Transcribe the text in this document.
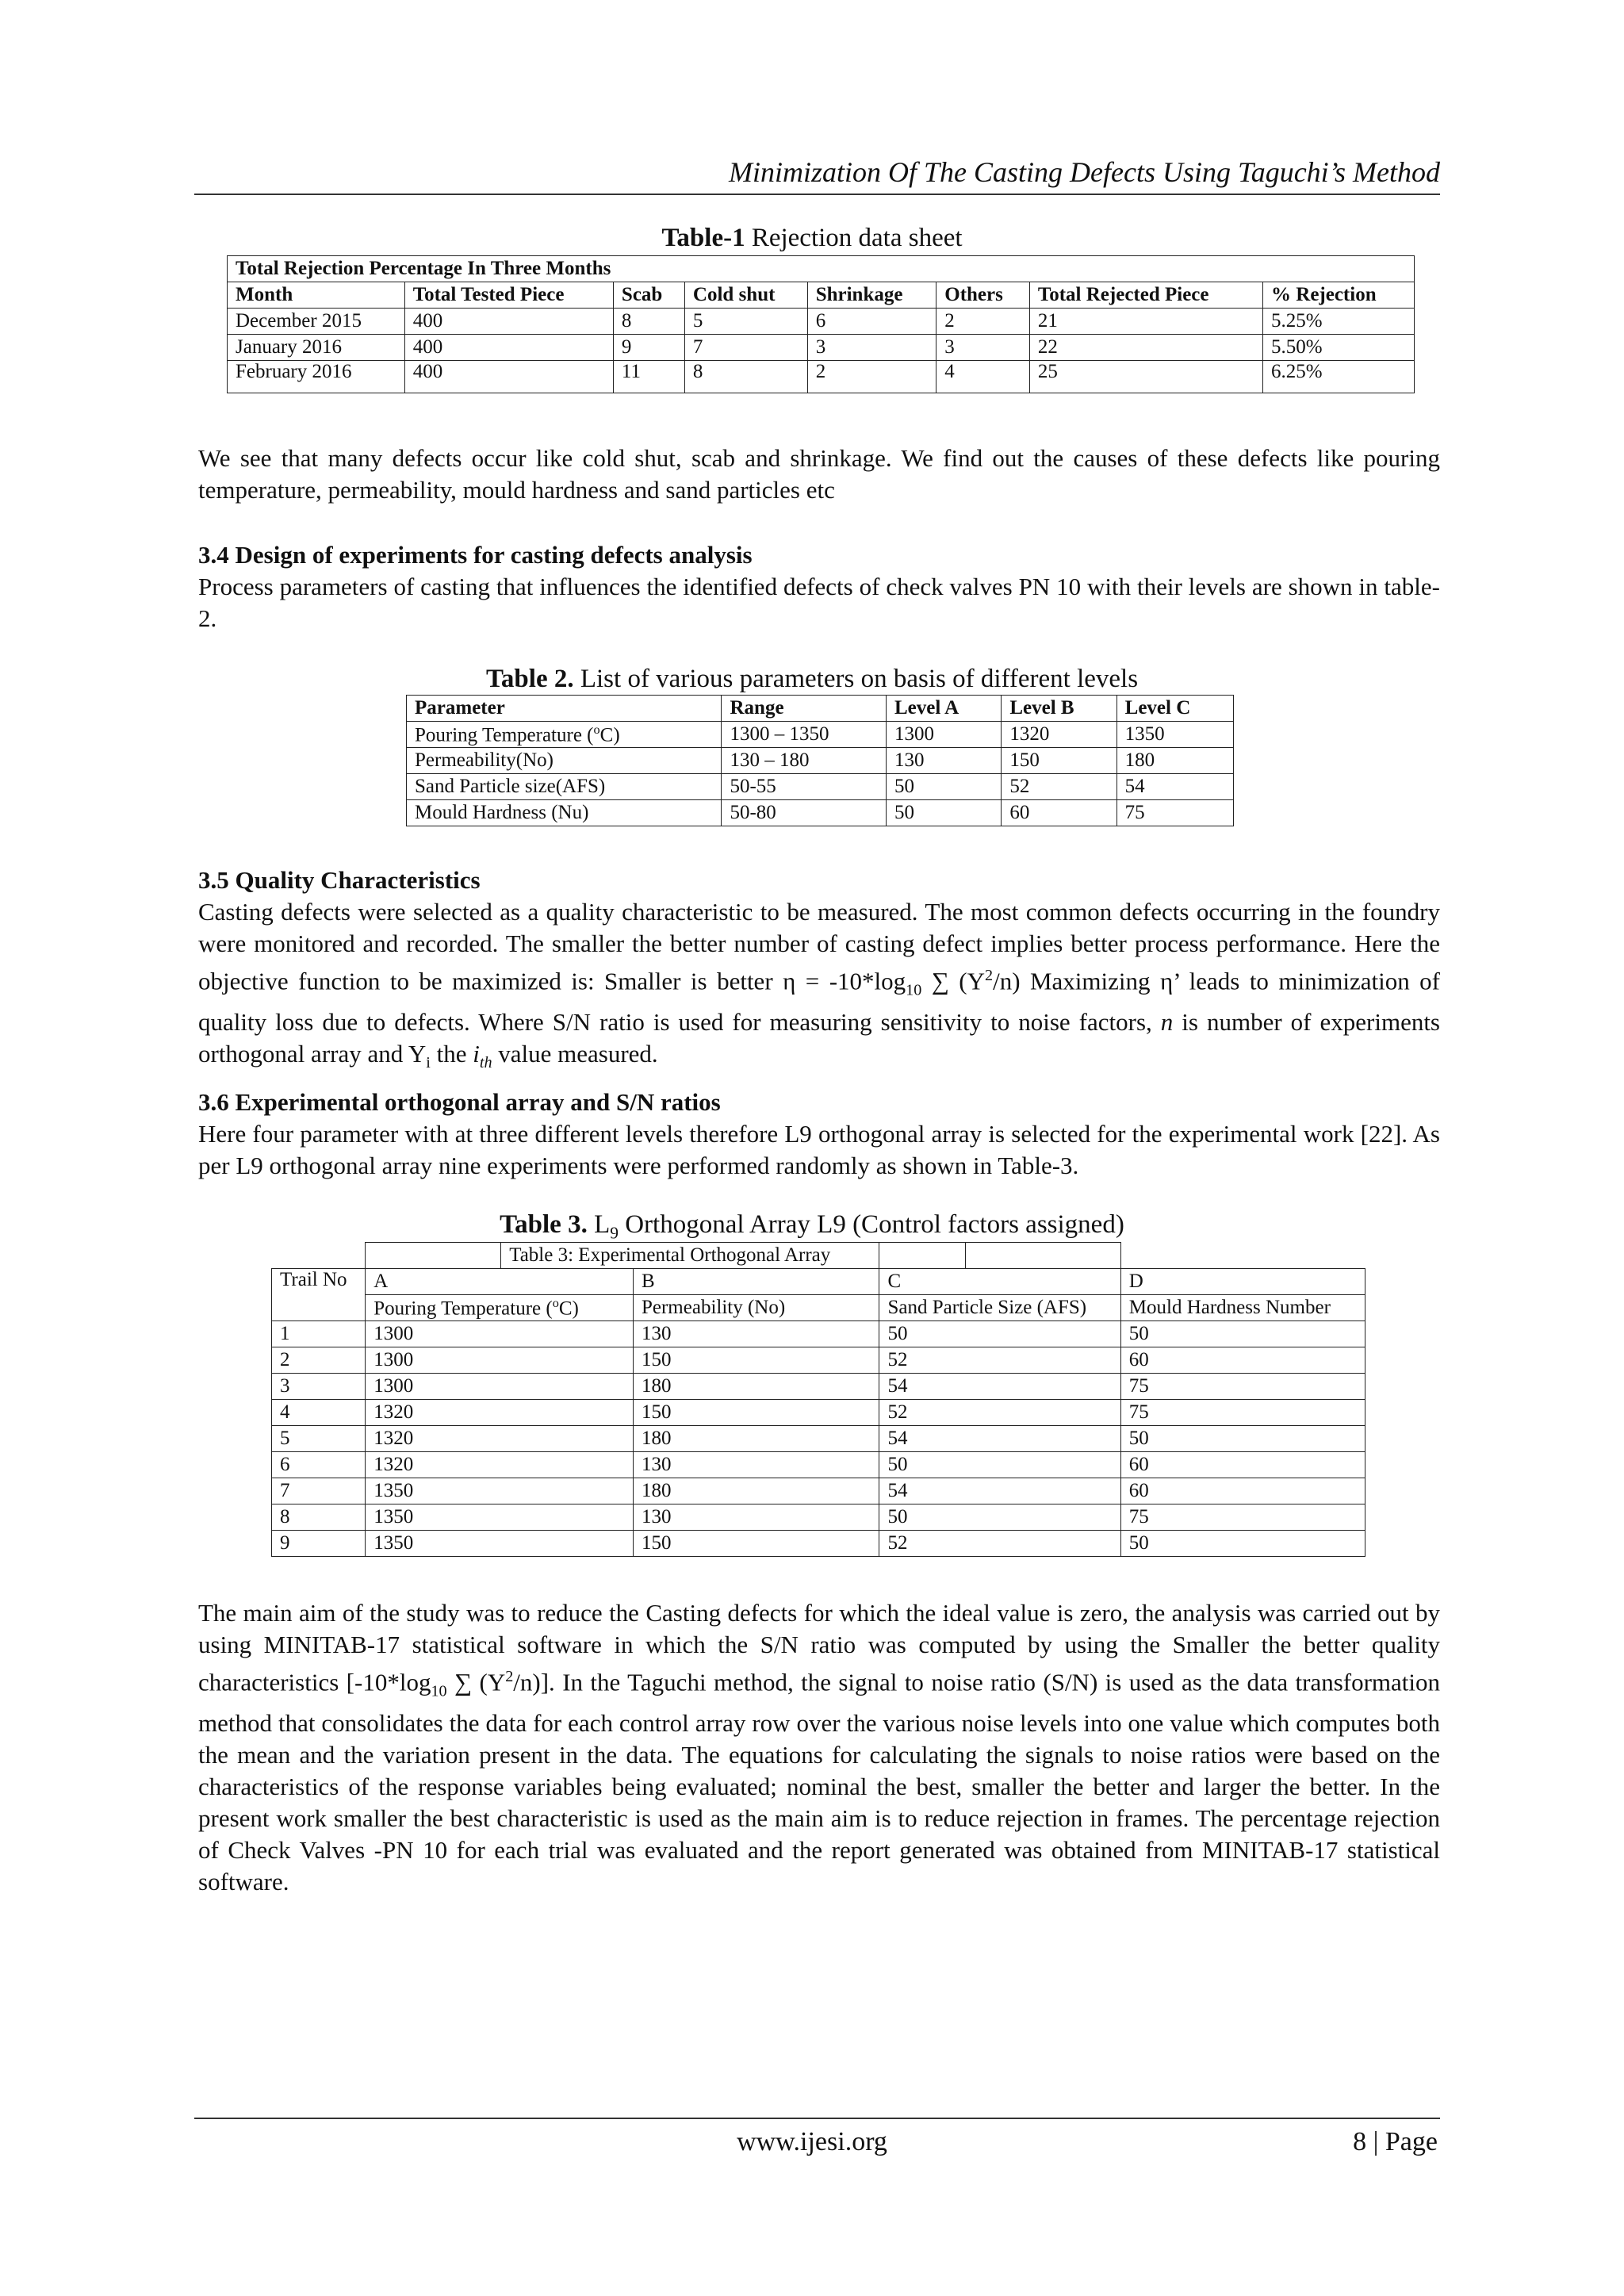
Minimization Of The Casting Defects Using Taguchi’s Method
Table-1 Rejection data sheet
Total Rejection Percentage In Three Months							
Month	Total Tested Piece	Scab	Cold shut	Shrinkage	Others	Total Rejected Piece	% Rejection
December 2015	400	8	5	6	2	21	5.25%
January 2016	400	9	7	3	3	22	5.50%
February 2016	400	11	8	2	4	25	6.25%

We see that many defects occur like cold shut, scab and shrinkage. We find out the causes of these defects like pouring temperature, permeability, mould hardness and sand particles etc

3.4 Design of experiments for casting defects analysis

Process parameters of casting that influences the identified defects of check valves PN 10 with their levels are shown in table-2.

Table 2. List of various parameters on basis of different levels
Parameter	Range	Level A	Level B	Level C
Pouring Temperature ($^o$C)	1300 – 1350	1300	1320	1350
Permeability(No)	130 – 180	130	150	180
Sand Particle size(AFS)	50-55	50	52	54
Mould Hardness (Nu)	50-80	50	60	75

3.5 Quality Characteristics

Casting defects were selected as a quality characteristic to be measured. The most common defects occurring in the foundry were monitored and recorded. The smaller the better number of casting defect implies better process performance. Here the objective function to be maximized is: Smaller is better $\eta = -10*\log_{10}$ ∑ $(Y^2/n)$ Maximizing η’ leads to minimization of quality loss due to defects. Where S/N ratio is used for measuring sensitivity to noise factors, n is number of experiments orthogonal array and $Y_i$ the $i_{th}$ value measured.

3.6 Experimental orthogonal array and S/N ratios

Here four parameter with at three different levels therefore L9 orthogonal array is selected for the experimental work [22]. As per L9 orthogonal array nine experiments were performed randomly as shown in Table-3.

Table 3. $L_9$ Orthogonal Array L9 (Control factors assigned)
		Table 3: Experimental Orthogonal Array			

Trail No	A		B	C	D
	Pouring Temperature ($^o$C)		Permeability (No)	Sand Particle Size (AFS)	Mould Hardness Number
1	1300		130	50	50
2	1300		150	52	60
3	1300		180	54	75
4	1320		150	52	75
5	1320		180	54	50
6	1320		130	50	60
7	1350		180	54	60
8	1350		130	50	75
9	1350		150	52	50

The main aim of the study was to reduce the Casting defects for which the ideal value is zero, the analysis was carried out by using MINITAB-17 statistical software in which the S/N ratio was computed by using the Smaller the better quality characteristics [$-10*\log_{10}$ ∑ $(Y^2/n)$]. In the Taguchi method, the signal to noise ratio (S/N) is used as the data transformation method that consolidates the data for each control array row over the various noise levels into one value which computes both the mean and the variation present in the data. The equations for calculating the signals to noise ratios were based on the characteristics of the response variables being evaluated; nominal the best, smaller the better and larger the better. In the present work smaller the best characteristic is used as the main aim is to reduce rejection in frames. The percentage rejection of Check Valves -PN 10 for each trial was evaluated and the report generated was obtained from MINITAB-17 statistical software.

www.ijesi.org	8 | Page
